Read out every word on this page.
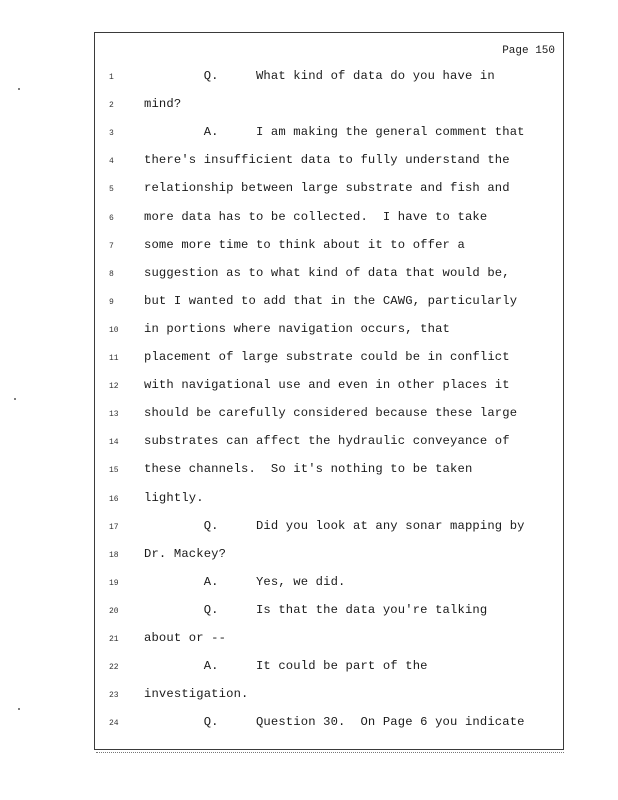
Page 150
1	Q.     What kind of data do you have in
2	mind?
3	A.     I am making the general comment that
4	there's insufficient data to fully understand the
5	relationship between large substrate and fish and
6	more data has to be collected.  I have to take
7	some more time to think about it to offer a
8	suggestion as to what kind of data that would be,
9	but I wanted to add that in the CAWG, particularly
10	in portions where navigation occurs, that
11	placement of large substrate could be in conflict
12	with navigational use and even in other places it
13	should be carefully considered because these large
14	substrates can affect the hydraulic conveyance of
15	these channels.  So it's nothing to be taken
16	lightly.
17	Q.     Did you look at any sonar mapping by
18	Dr. Mackey?
19	A.     Yes, we did.
20	Q.     Is that the data you're talking
21	about or --
22	A.     It could be part of the
23	investigation.
24	Q.     Question 30.  On Page 6 you indicate
